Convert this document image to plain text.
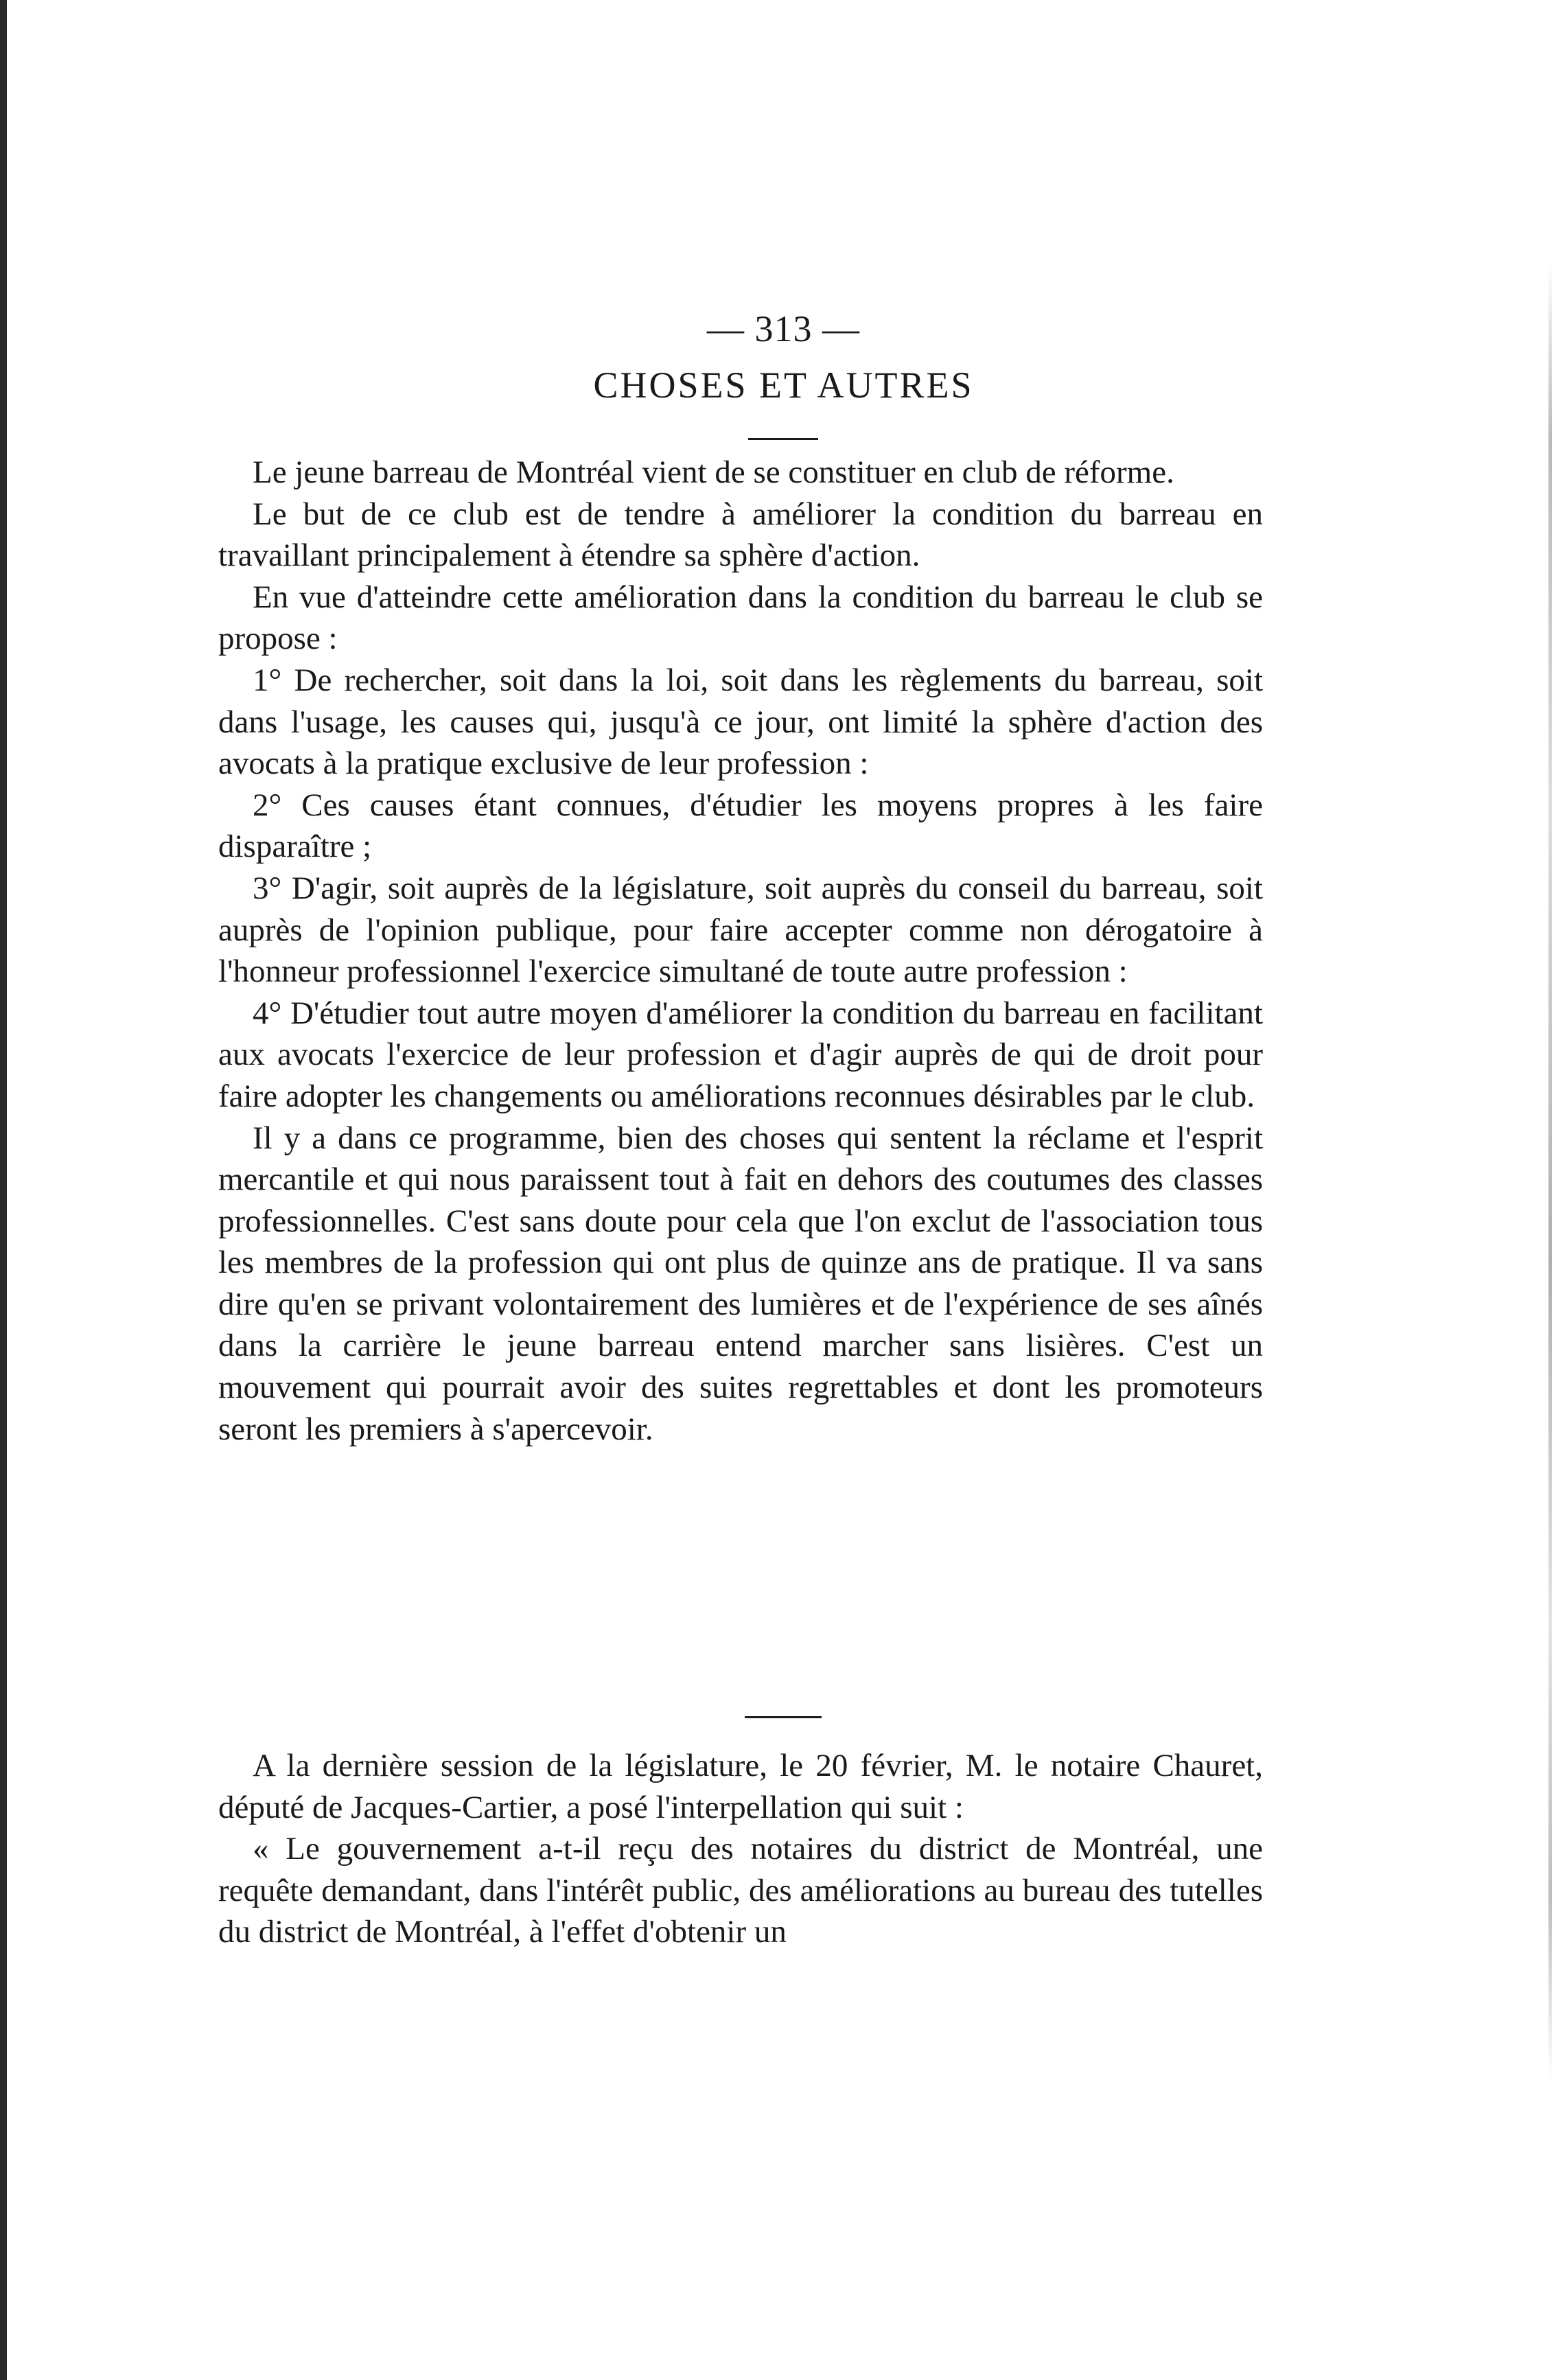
— 313 —
CHOSES ET AUTRES

Le jeune barreau de Montréal vient de se constituer en club de réforme.

Le but de ce club est de tendre à améliorer la condition du barreau en travaillant principalement à étendre sa sphère d'action.

En vue d'atteindre cette amélioration dans la condition du barreau le club se propose :

1° De rechercher, soit dans la loi, soit dans les règlements du barreau, soit dans l'usage, les causes qui, jusqu'à ce jour, ont limité la sphère d'action des avocats à la pratique exclusive de leur profession :

2° Ces causes étant connues, d'étudier les moyens propres à les faire disparaître ;

3° D'agir, soit auprès de la législature, soit auprès du conseil du barreau, soit auprès de l'opinion publique, pour faire accepter comme non dérogatoire à l'honneur professionnel l'exercice simultané de toute autre profession :

4° D'étudier tout autre moyen d'améliorer la condition du barreau en facilitant aux avocats l'exercice de leur profession et d'agir auprès de qui de droit pour faire adopter les changements ou améliorations reconnues désirables par le club.

Il y a dans ce programme, bien des choses qui sentent la réclame et l'esprit mercantile et qui nous paraissent tout à fait en dehors des coutumes des classes professionnelles. C'est sans doute pour cela que l'on exclut de l'association tous les membres de la profession qui ont plus de quinze ans de pratique. Il va sans dire qu'en se privant volontairement des lumières et de l'expérience de ses aînés dans la carrière le jeune barreau entend marcher sans lisières. C'est un mouvement qui pourrait avoir des suites regrettables et dont les promoteurs seront les premiers à s'apercevoir.

A la dernière session de la législature, le 20 février, M. le notaire Chauret, député de Jacques-Cartier, a posé l'interpellation qui suit :

« Le gouvernement a-t-il reçu des notaires du district de Montréal, une requête demandant, dans l'intérêt public, des améliorations au bureau des tutelles du district de Montréal, à l'effet d'obtenir un
